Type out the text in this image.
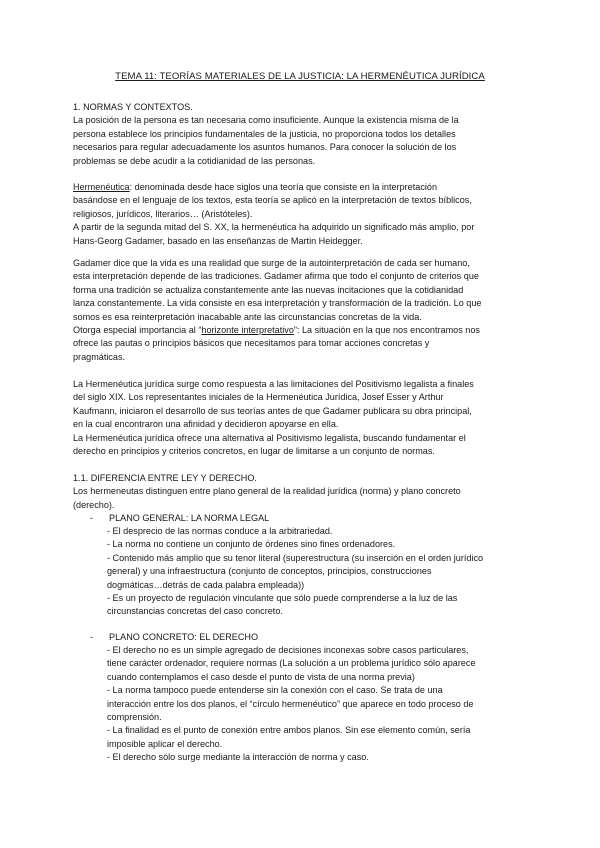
TEMA 11: TEORÍAS MATERIALES DE LA JUSTICIA: LA HERMENÉUTICA JURÍDICA

1. NORMAS Y CONTEXTOS.

La posición de la persona es tan necesaria como insuficiente. Aunque la existencia misma de la

persona establece los principios fundamentales de la justicia, no proporciona todos los detalles

necesarios para regular adecuadamente los asuntos humanos. Para conocer la solución de los

problemas se debe acudir a la cotidianidad de las personas.

Hermenéutica: denominada desde hace siglos una teoría que consiste en la interpretación

basándose en el lenguaje de los textos, esta teoría se aplicó en la interpretación de textos bíblicos,

religiosos, jurídicos, literarios… (Aristóteles).

A partir de la segunda mitad del S. XX, la hermenéutica ha adquirido un significado más amplio, por

Hans-Georg Gadamer, basado en las enseñanzas de Martin Heidegger.

Gadamer dice que la vida es una realidad que surge de la autointerpretación de cada ser humano,

esta interpretación depende de las tradiciones. Gadamer afirma que todo el conjunto de criterios que

forma una tradición se actualiza constantemente ante las nuevas incitaciones que la cotidianidad

lanza constantemente. La vida consiste en esa interpretación y transformación de la tradición. Lo que

somos es esa reinterpretación inacabable ante las circunstancias concretas de la vida.

Otorga especial importancia al “horizonte interpretativo”: La situación en la que nos encontramos nos

ofrece las pautas o principios básicos que necesitamos para tomar acciones concretas y

pragmáticas.

La Hermenéutica jurídica surge como respuesta a las limitaciones del Positivismo legalista a finales

del siglo XIX. Los representantes iniciales de la Hermenéutica Jurídica, Josef Esser y Arthur

Kaufmann, iniciaron el desarrollo de sus teorías antes de que Gadamer publicara su obra principal,

en la cual encontraron una afinidad y decidieron apoyarse en ella.

La Hermenéutica jurídica ofrece una alternativa al Positivismo legalista, buscando fundamentar el

derecho en principios y criterios concretos, en lugar de limitarse a un conjunto de normas.

1.1. DIFERENCIA ENTRE LEY Y DERECHO.

Los hermeneutas distinguen entre plano general de la realidad jurídica (norma) y plano concreto

(derecho).

- PLANO GENERAL: LA NORMA LEGAL

- El desprecio de las normas conduce a la arbitrariedad.

- La norma no contiene un conjunto de órdenes sino fines ordenadores.

- Contenido más amplio que su tenor literal (superestructura (su inserción en el orden jurídico

general) y una infraestructura (conjunto de conceptos, principios, construcciones

dogmáticas…detrás de cada palabra empleada))

- Es un proyecto de regulación vinculante que sólo puede comprenderse a la luz de las

circunstancias concretas del caso concreto.

- PLANO CONCRETO: EL DERECHO

- El derecho no es un simple agregado de decisiones inconexas sobre casos particulares,

tiene carácter ordenador, requiere normas (La solución a un problema jurídico sólo aparece

cuando contemplamos el caso desde el punto de vista de una norma previa)

- La norma tampoco puede entenderse sin la conexión con el caso. Se trata de una

interacción entre los dos planos, el “círculo hermenéutico” que aparece en todo proceso de

comprensión.

- La finalidad es el punto de conexión entre ambos planos. Sin ese elemento común, sería

imposible aplicar el derecho.

- El derecho sólo surge mediante la interacción de norma y caso.
